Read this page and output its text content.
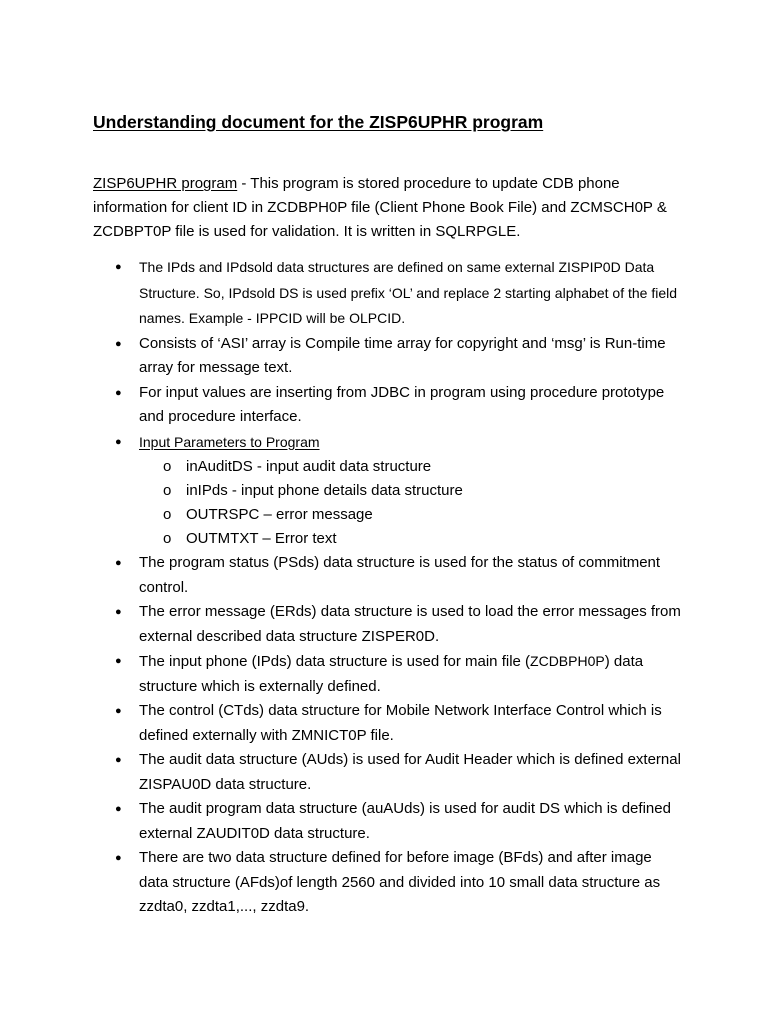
Understanding document for the ZISP6UPHR program

ZISP6UPHR program - This program is stored procedure to update CDB phone information for client ID in ZCDBPH0P file (Client Phone Book File) and ZCMSCH0P & ZCDBPT0P file is used for validation. It is written in SQLRPGLE.

● The IPds and IPdsold data structures are defined on same external ZISPIP0D Data Structure. So, IPdsold DS is used prefix ‘OL’ and replace 2 starting alphabet of the field names. Example - IPPCID will be OLPCID.
● Consists of ‘ASI’ array is Compile time array for copyright and ‘msg’ is Run-time array for message text.
● For input values are inserting from JDBC in program using procedure prototype and procedure interface.
● Input Parameters to Program
o inAuditDS - input audit data structure
o inIPds - input phone details data structure
o OUTRSPC – error message
o OUTMTXT – Error text
● The program status (PSds) data structure is used for the status of commitment control.
● The error message (ERds) data structure is used to load the error messages from external described data structure ZISPER0D.
● The input phone (IPds) data structure is used for main file (ZCDBPH0P) data structure which is externally defined.
● The control (CTds) data structure for Mobile Network Interface Control which is defined externally with ZMNICT0P file.
● The audit data structure (AUds) is used for Audit Header which is defined external ZISPAU0D data structure.
● The audit program data structure (auAUds) is used for audit DS which is defined external ZAUDIT0D data structure.
● There are two data structure defined for before image (BFds) and after image data structure (AFds)of length 2560 and divided into 10 small data structure as zzdta0, zzdta1,..., zzdta9.
